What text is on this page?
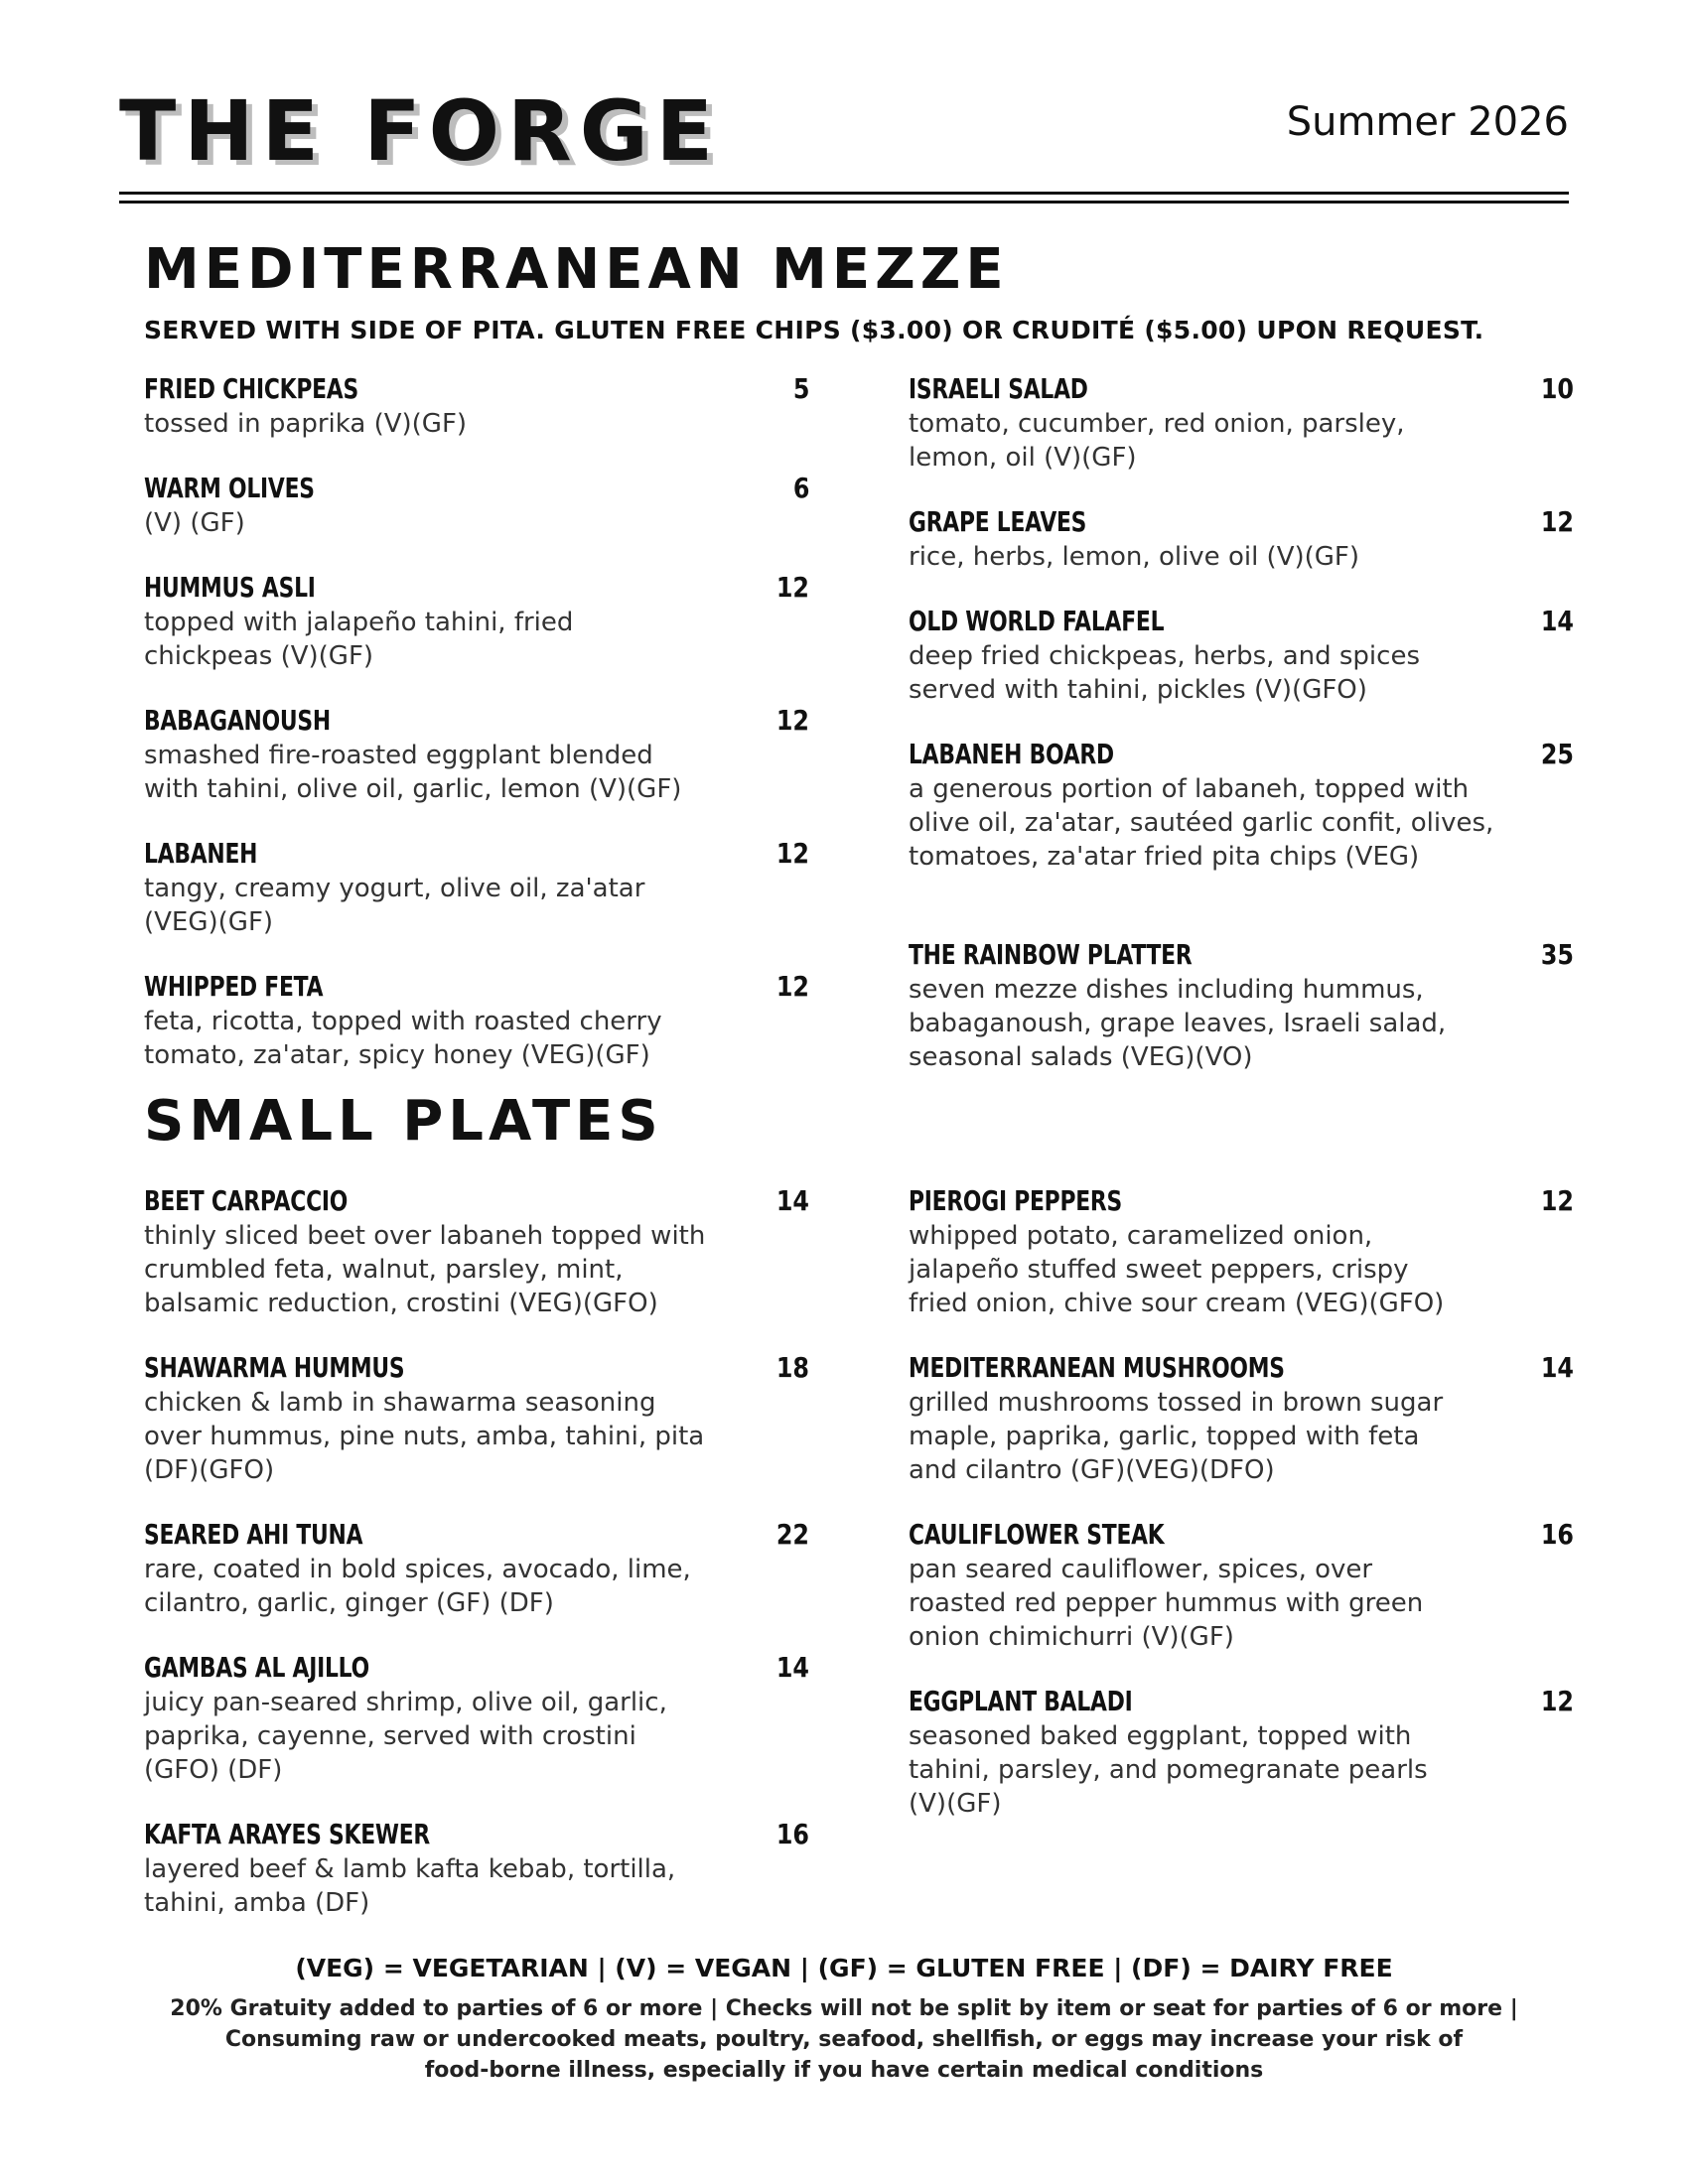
THE FORGE	Summer 2026
MEDITERRANEAN MEZZE
SERVED WITH SIDE OF PITA. GLUTEN FREE CHIPS ($3.00) OR CRUDITÉ ($5.00) UPON REQUEST.
FRIED CHICKPEAS	5
tossed in paprika (V)(GF)
WARM OLIVES	6
(V) (GF)
HUMMUS ASLI	12
topped with jalapeño tahini, fried chickpeas (V)(GF)
BABAGANOUSH	12
smashed fire-roasted eggplant blended with tahini, olive oil, garlic, lemon (V)(GF)
LABANEH	12
tangy, creamy yogurt, olive oil, za'atar (VEG)(GF)
WHIPPED FETA	12
feta, ricotta, topped with roasted cherry tomato, za'atar, spicy honey (VEG)(GF)
ISRAELI SALAD	10
tomato, cucumber, red onion, parsley, lemon, oil (V)(GF)
GRAPE LEAVES	12
rice, herbs, lemon, olive oil (V)(GF)
OLD WORLD FALAFEL	14
deep fried chickpeas, herbs, and spices served with tahini, pickles (V)(GFO)
LABANEH BOARD	25
a generous portion of labaneh, topped with olive oil, za'atar, sautéed garlic confit, olives, tomatoes, za'atar fried pita chips (VEG)
THE RAINBOW PLATTER	35
seven mezze dishes including hummus, babaganoush, grape leaves, Israeli salad, seasonal salads (VEG)(VO)
SMALL PLATES
BEET CARPACCIO	14
thinly sliced beet over labaneh topped with crumbled feta, walnut, parsley, mint, balsamic reduction, crostini (VEG)(GFO)
SHAWARMA HUMMUS	18
chicken & lamb in shawarma seasoning over hummus, pine nuts, amba, tahini, pita (DF)(GFO)
SEARED AHI TUNA	22
rare, coated in bold spices, avocado, lime, cilantro, garlic, ginger (GF) (DF)
GAMBAS AL AJILLO	14
juicy pan-seared shrimp, olive oil, garlic, paprika, cayenne, served with crostini (GFO) (DF)
KAFTA ARAYES SKEWER	16
layered beef & lamb kafta kebab, tortilla, tahini, amba (DF)
PIEROGI PEPPERS	12
whipped potato, caramelized onion, jalapeño stuffed sweet peppers, crispy fried onion, chive sour cream (VEG)(GFO)
MEDITERRANEAN MUSHROOMS	14
grilled mushrooms tossed in brown sugar maple, paprika, garlic, topped with feta and cilantro (GF)(VEG)(DFO)
CAULIFLOWER STEAK	16
pan seared cauliflower, spices, over roasted red pepper hummus with green onion chimichurri (V)(GF)
EGGPLANT BALADI	12
seasoned baked eggplant, topped with tahini, parsley, and pomegranate pearls (V)(GF)
(VEG) = VEGETARIAN | (V) = VEGAN | (GF) = GLUTEN FREE | (DF) = DAIRY FREE
20% Gratuity added to parties of 6 or more | Checks will not be split by item or seat for parties of 6 or more |
Consuming raw or undercooked meats, poultry, seafood, shellfish, or eggs may increase your risk of
food-borne illness, especially if you have certain medical conditions
